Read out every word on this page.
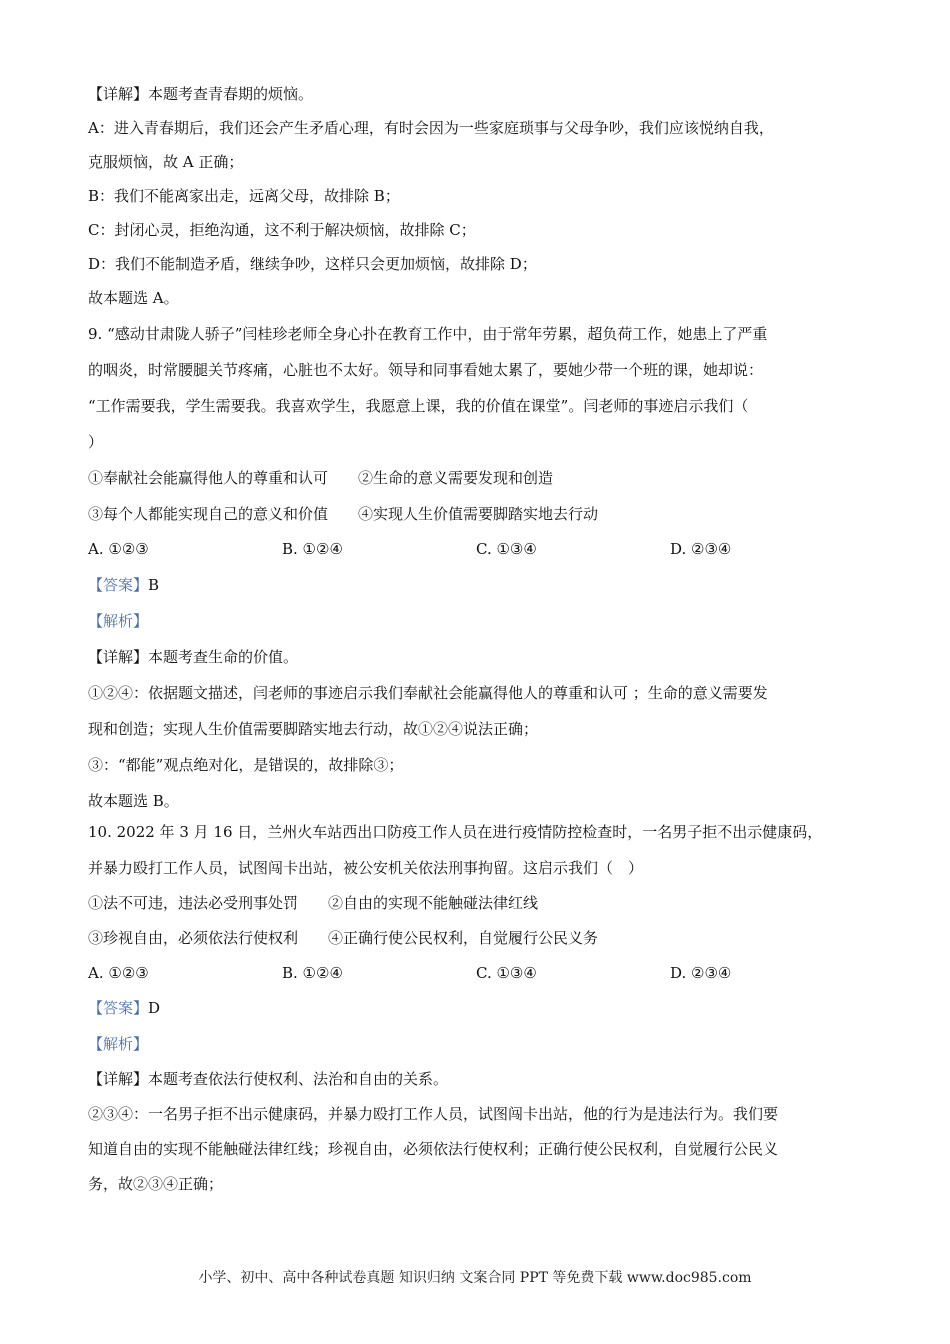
【详解】本题考查青春期的烦恼。
A：进入青春期后，我们还会产生矛盾心理，有时会因为一些家庭琐事与父母争吵，我们应该悦纳自我，
克服烦恼，故 A 正确；
B：我们不能离家出走，远离父母，故排除 B；
C：封闭心灵，拒绝沟通，这不利于解决烦恼，故排除 C；
D：我们不能制造矛盾，继续争吵，这样只会更加烦恼，故排除 D；
故本题选 A。
9. “感动甘肃陇人骄子”闫桂珍老师全身心扑在教育工作中，由于常年劳累，超负荷工作，她患上了严重
的咽炎，时常腰腿关节疼痛，心脏也不太好。领导和同事看她太累了，要她少带一个班的课，她却说：
“工作需要我，学生需要我。我喜欢学生，我愿意上课，我的价值在课堂”。闫老师的事迹启示我们（
）
①奉献社会能赢得他人的尊重和认可　　②生命的意义需要发现和创造
③每个人都能实现自己的意义和价值　　④实现人生价值需要脚踏实地去行动
A. ①②③	B. ①②④	C. ①③④	D. ②③④
【答案】B
【解析】
【详解】本题考查生命的价值。
①②④：依据题文描述，闫老师的事迹启示我们奉献社会能赢得他人的尊重和认可 ；生命的意义需要发
现和创造；实现人生价值需要脚踏实地去行动，故①②④说法正确；
③：“都能”观点绝对化，是错误的，故排除③；
故本题选 B。
10. 2022 年 3 月 16 日，兰州火车站西出口防疫工作人员在进行疫情防控检查时，一名男子拒不出示健康码，
并暴力殴打工作人员，试图闯卡出站，被公安机关依法刑事拘留。这启示我们（　）
①法不可违，违法必受刑事处罚　　②自由的实现不能触碰法律红线
③珍视自由，必须依法行使权利　　④正确行使公民权利，自觉履行公民义务
A. ①②③	B. ①②④	C. ①③④	D. ②③④
【答案】D
【解析】
【详解】本题考查依法行使权利、法治和自由的关系。
②③④：一名男子拒不出示健康码，并暴力殴打工作人员，试图闯卡出站，他的行为是违法行为。我们要
知道自由的实现不能触碰法律红线；珍视自由，必须依法行使权利；正确行使公民权利，自觉履行公民义
务，故②③④正确；
小学、初中、高中各种试卷真题 知识归纳 文案合同 PPT 等免费下载 www.doc985.com
